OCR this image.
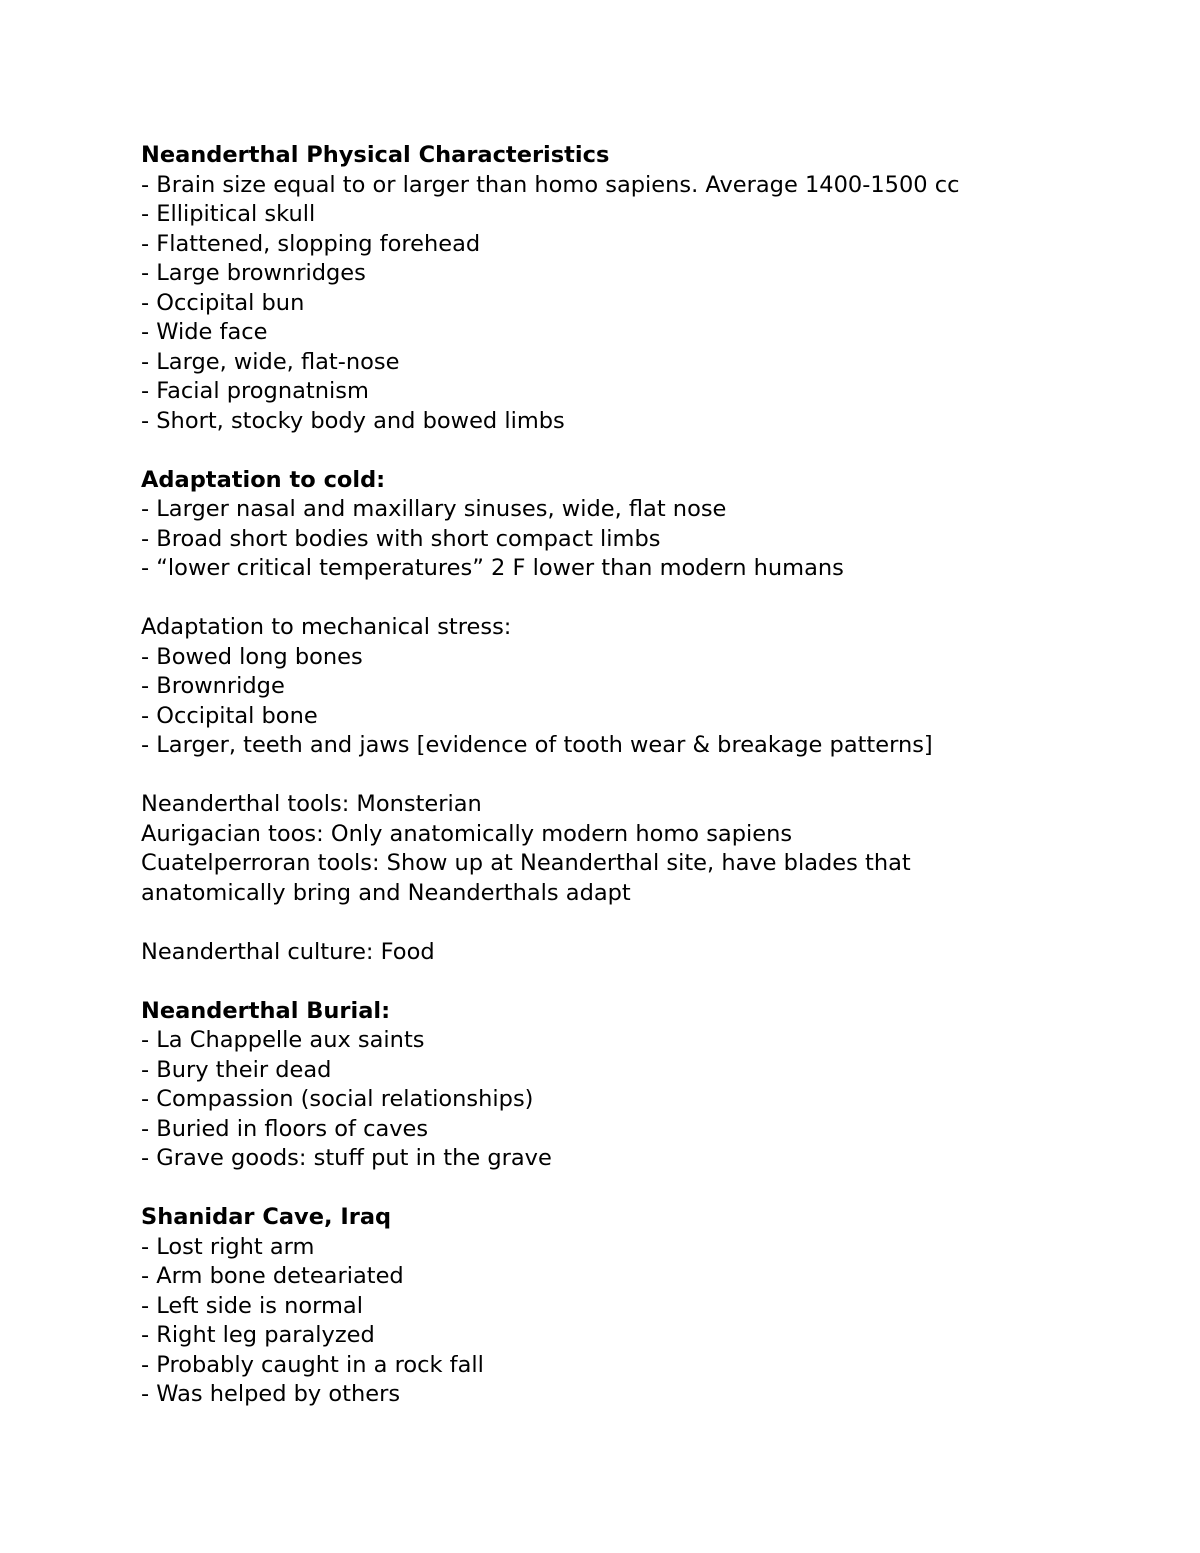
Neanderthal Physical Characteristics

- Brain size equal to or larger than homo sapiens. Average 1400-1500 cc

- Ellipitical skull

- Flattened, slopping forehead

- Large brownridges

- Occipital bun

- Wide face

- Large, wide, flat-nose

- Facial prognatnism

- Short, stocky body and bowed limbs

Adaptation to cold:

- Larger nasal and maxillary sinuses, wide, flat nose

- Broad short bodies with short compact limbs

- “lower critical temperatures” 2 F lower than modern humans

Adaptation to mechanical stress:

- Bowed long bones

- Brownridge

- Occipital bone

- Larger, teeth and jaws [evidence of tooth wear & breakage patterns]

Neanderthal tools: Monsterian

Aurigacian toos: Only anatomically modern homo sapiens

Cuatelperroran tools: Show up at Neanderthal site, have blades that

anatomically bring and Neanderthals adapt

Neanderthal culture: Food

Neanderthal Burial:

- La Chappelle aux saints

- Bury their dead

- Compassion (social relationships)

- Buried in floors of caves

- Grave goods: stuff put in the grave

Shanidar Cave, Iraq

- Lost right arm

- Arm bone deteariated

- Left side is normal

- Right leg paralyzed

- Probably caught in a rock fall

- Was helped by others
